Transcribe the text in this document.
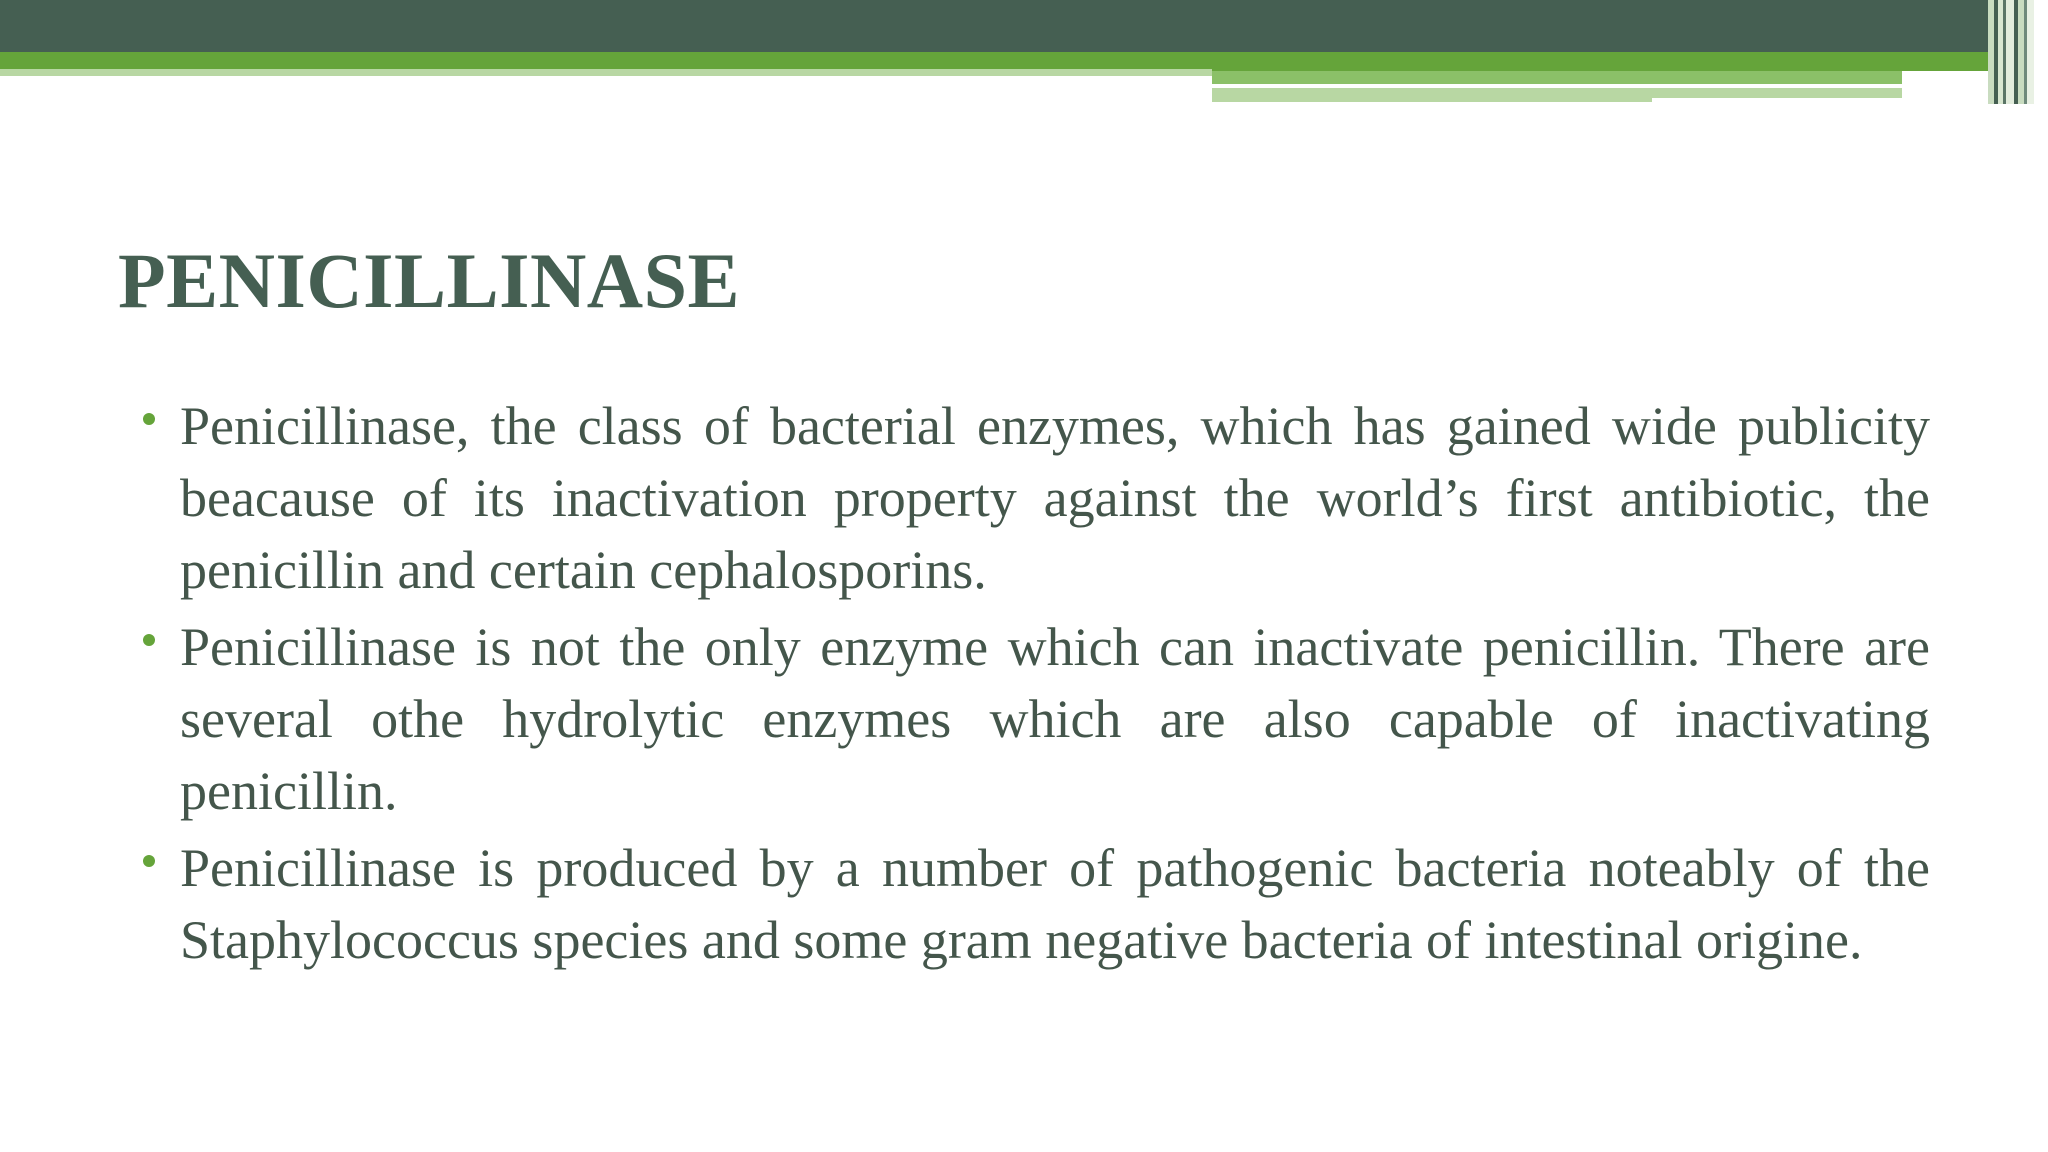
PENICILLINASE
Penicillinase, the class of bacterial enzymes, which has gained wide publicity beacause of its inactivation property against the world’s first antibiotic, the penicillin and certain cephalosporins.
Penicillinase is not the only enzyme which can inactivate penicillin. There are several othe hydrolytic enzymes which are also capable of inactivating penicillin.
Penicillinase is produced by a number of pathogenic bacteria noteably of the Staphylococcus species and some gram negative bacteria of intestinal origine.
